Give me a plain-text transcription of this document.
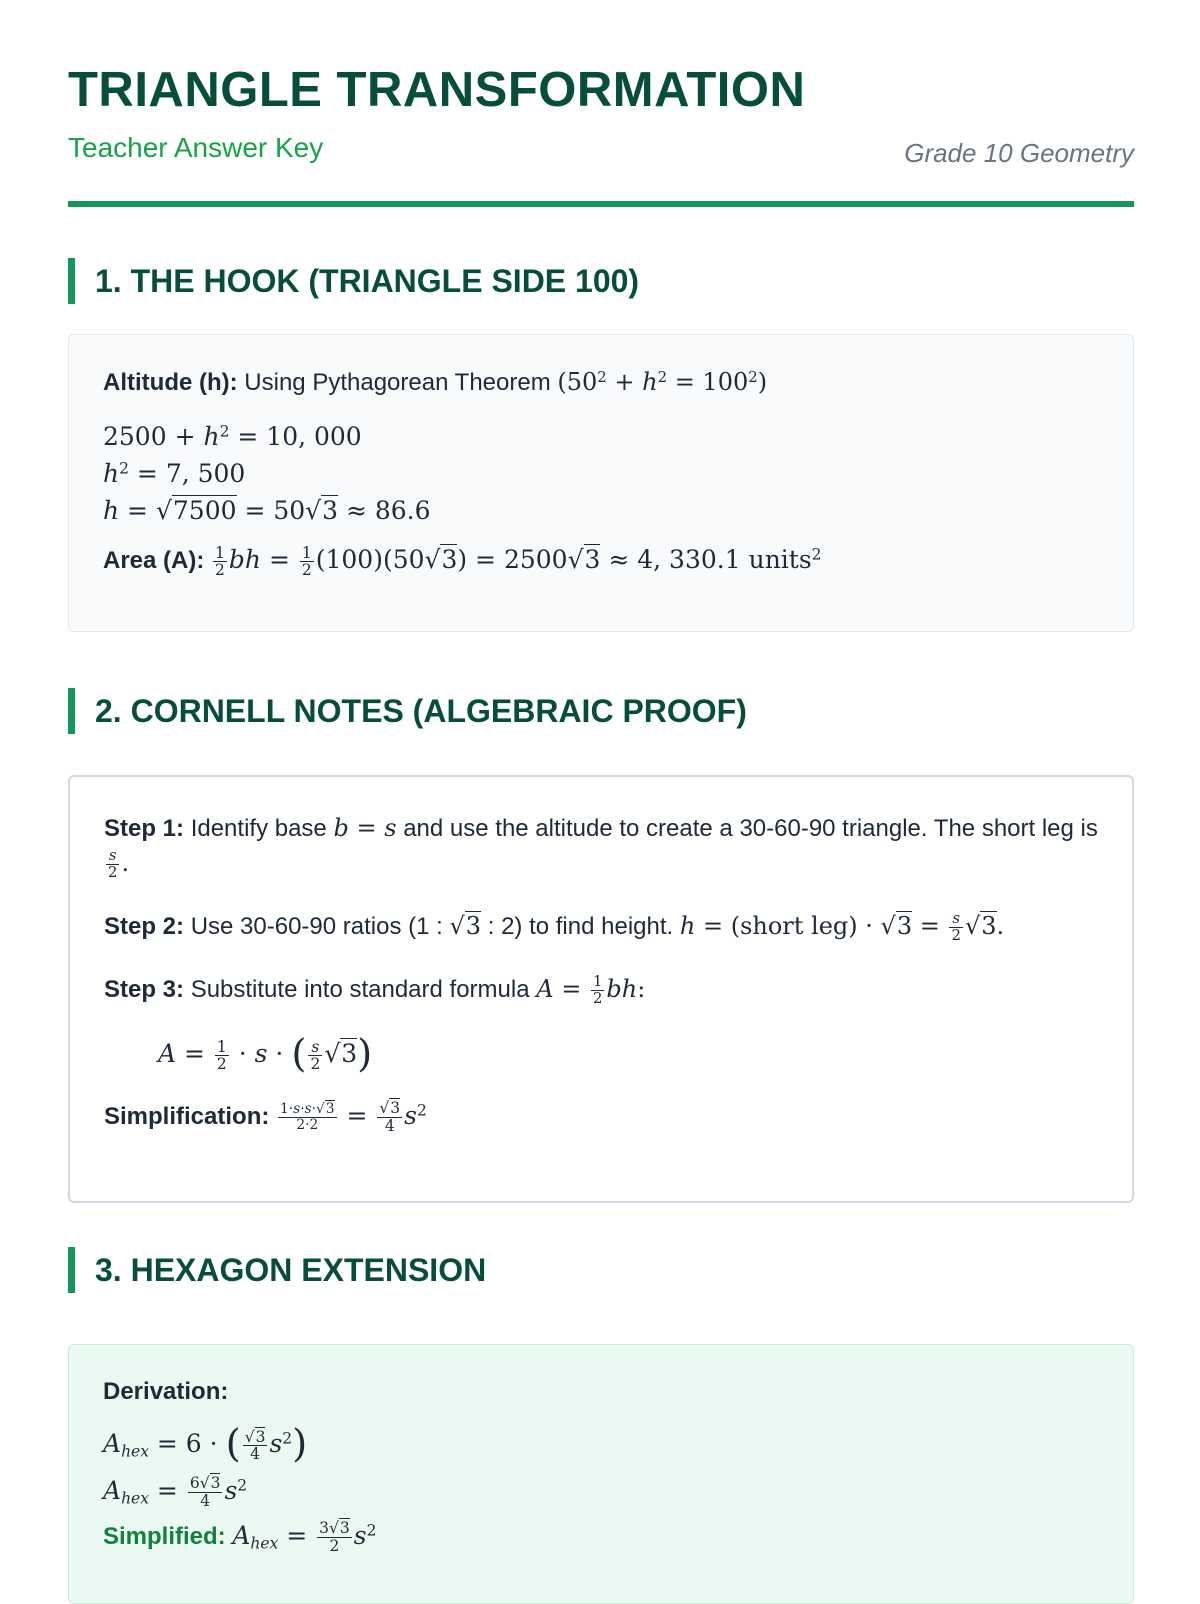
TRIANGLE TRANSFORMATION
Teacher Answer Key	Grade 10 Geometry
1. THE HOOK (TRIANGLE SIDE 100)
Altitude (h): Using Pythagorean Theorem $(50^2 + h^2 = 100^2)$
$2500 + h^2 = 10$, 000
$h^2 = 7$, 500
h = √7500 = 50√3 ≈ 86.6
Area (A): $\frac{1}{2}$ bh = $\frac{1}{2} (100)(50√3) = 2500√3 \approx 4$, 330.1 units$^2$
2. CORNELL NOTES (ALGEBRAIC PROOF)
Step 1: Identify base b = s and use the altitude to create a 30-60-90 triangle. The short leg is
$\frac{s}{2}$ .
Step 2: Use 30-60-90 ratios (1 : √3 : 2) to find height. h = (short $leg) \cdot √3 = \frac{s}{2} √3$.
Step 3: Substitute into standard formula $A = \frac{1}{2}$ bh:
$A = \frac{1}{2} \cdot s$ · ( $\frac{s}{2} √3$)
Simplification: $\frac{1\cdot s\cdot s\cdot√3}{2\cdot 2} = \frac{√3}{4} s^2$
3. HEXAGON EXTENSION
Derivation:
$A_{hex} = 6$ · ( $\frac{√3}{4} s^2$)
$A_{hex} = \frac{6√3}{4} s^2$
Simplified: $A_{hex} = \frac{3√3}{2} s^2$
